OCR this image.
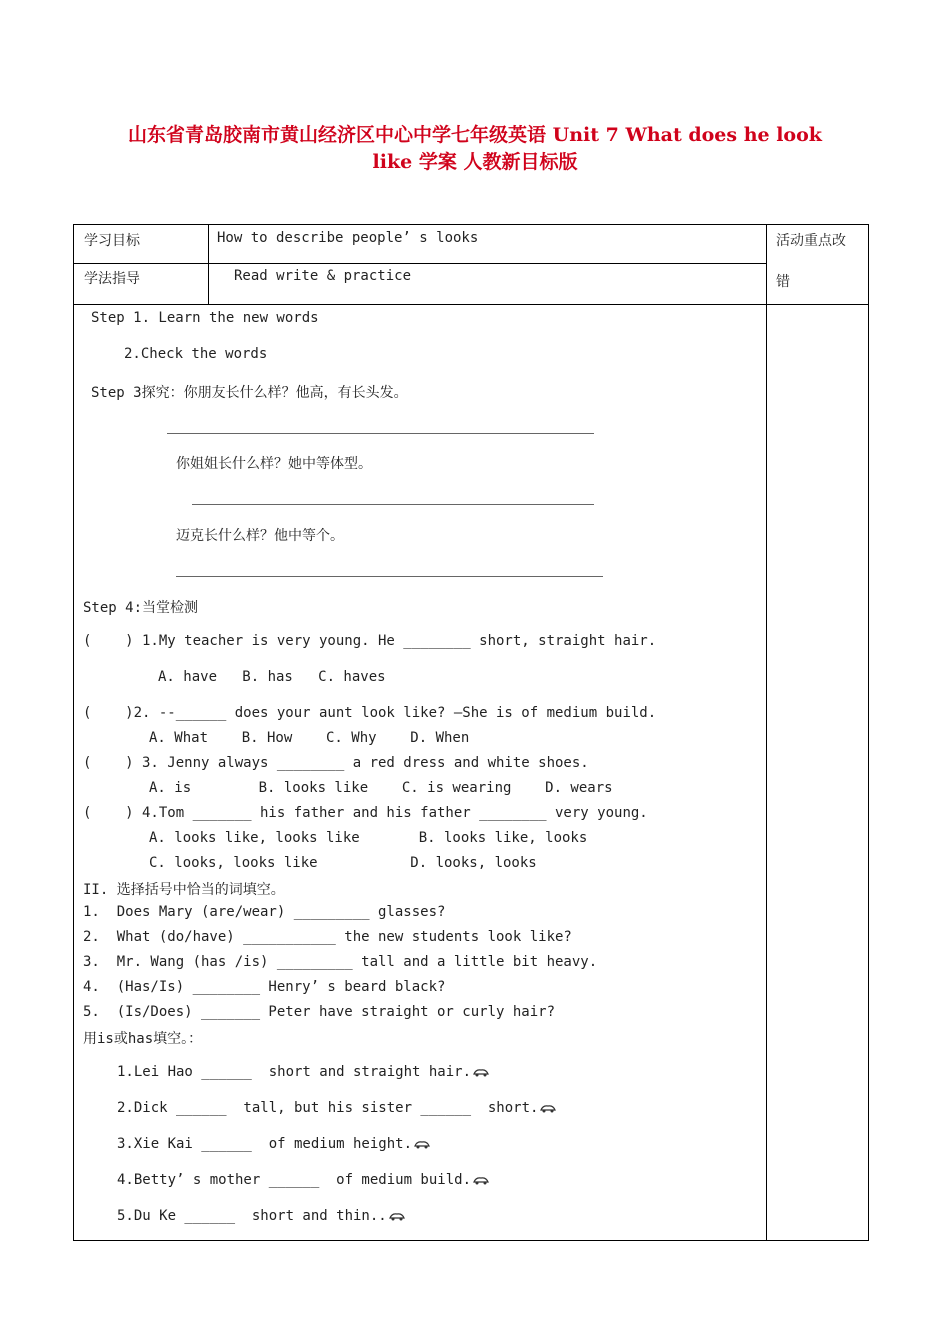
山东省青岛胶南市黄山经济区中心中学七年级英语 Unit 7 What does he look
like 学案 人教新目标版
学习目标	How to describe people’ s looks
学法指导	Read write & practice
活动重点改
错
Step 1. Learn the new words
2.Check the words
Step 3探究：你朋友长什么样？他高，有长头发。
你姐姐长什么样？她中等体型。
迈克长什么样？他中等个。
Step 4:当堂检测
(    ) 1.My teacher is very young. He ________ short, straight hair.
A. have   B. has   C. haves
(    )2. --______ does your aunt look like? –She is of medium build.
A. What    B. How    C. Why    D. When
(    ) 3. Jenny always ________ a red dress and white shoes.
A. is        B. looks like    C. is wearing    D. wears
(    ) 4.Tom _______ his father and his father ________ very young.
A. looks like, looks like       B. looks like, looks
C. looks, looks like           D. looks, looks
II. 选择括号中恰当的词填空。
1.  Does Mary (are/wear) _________ glasses?
2.  What (do/have) ___________ the new students look like?
3.  Mr. Wang (has /is) _________ tall and a little bit heavy.
4.  (Has/Is) ________ Henry’ s beard black?
5.  (Is/Does) _______ Peter have straight or curly hair?
用is或has填空。：
1.Lei Hao ______  short and straight hair.
2.Dick ______  tall, but his sister ______  short.
3.Xie Kai ______  of medium height.
4.Betty’ s mother ______  of medium build.
5.Du Ke ______  short and thin..
